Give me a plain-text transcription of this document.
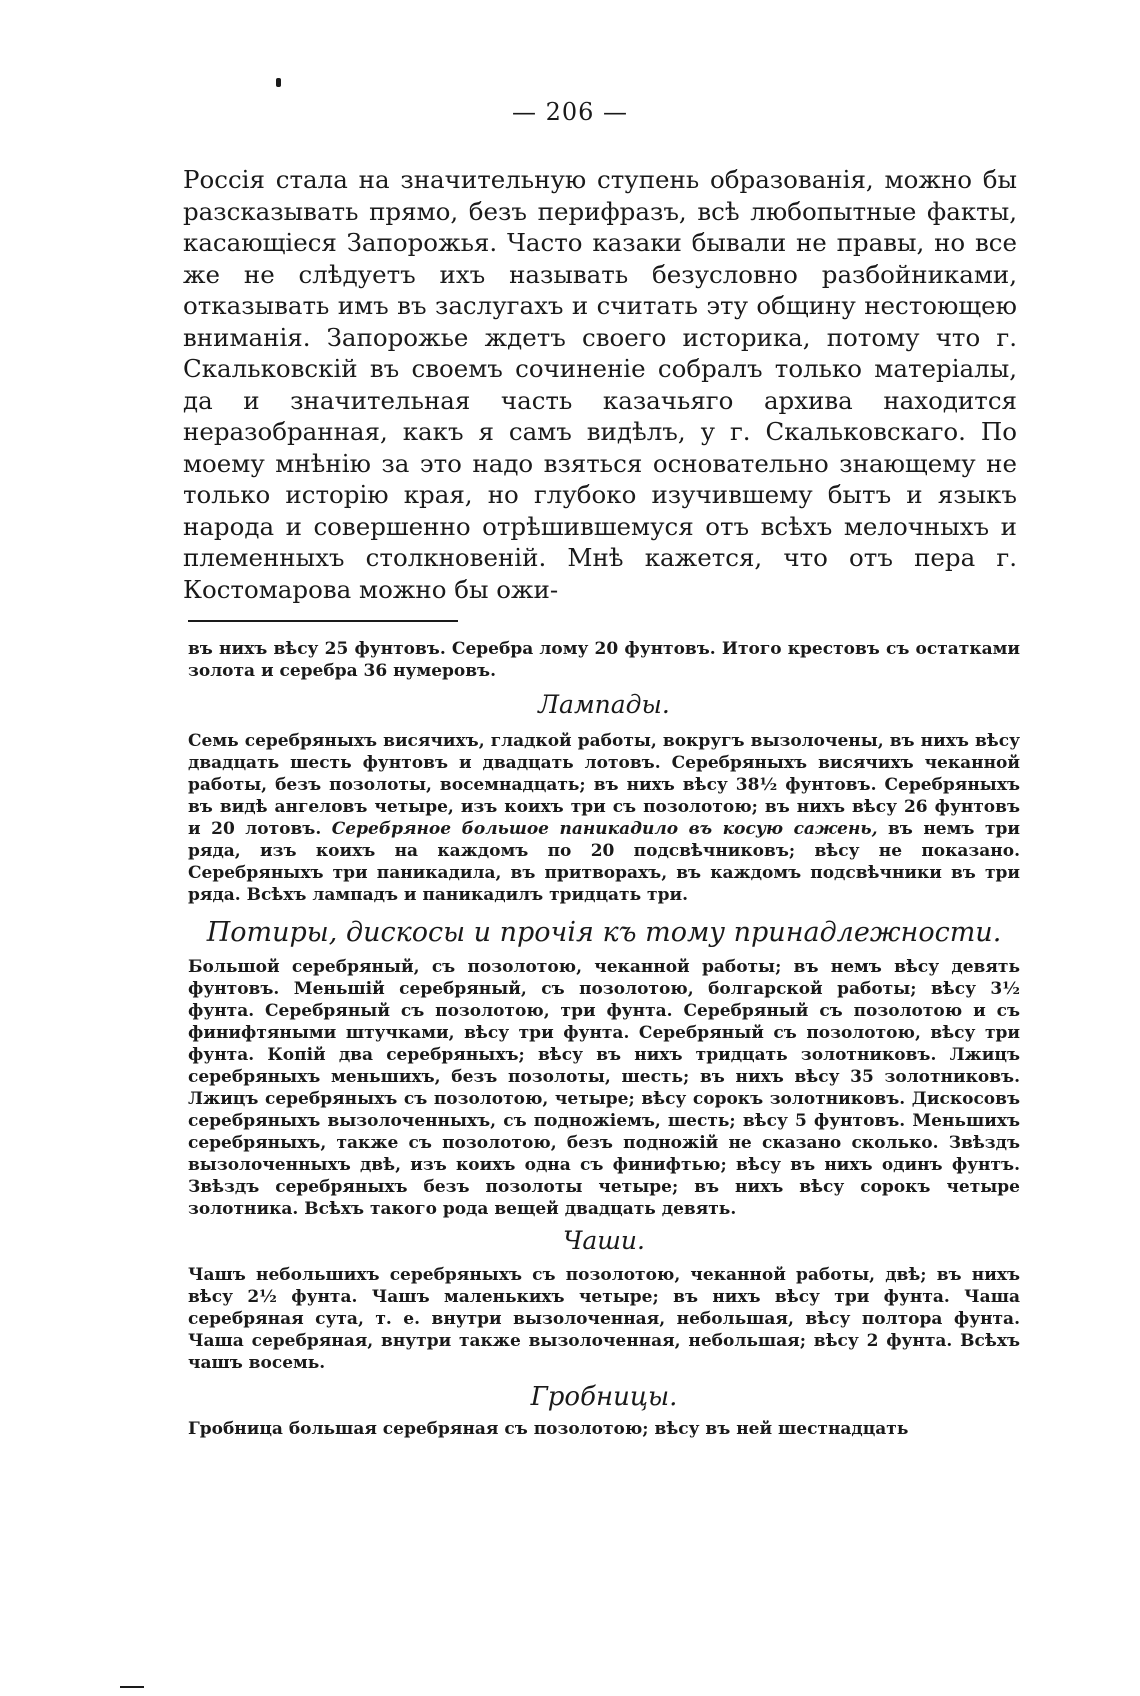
— 206 —

Россія стала на значительную ступень образованія, можно бы разсказывать прямо, безъ перифразъ, всѣ любопытные факты, касающіеся Запорожья. Часто казаки бывали не правы, но все же не слѣдуетъ ихъ называть безусловно разбойниками, отказывать имъ въ заслугахъ и считать эту общину нестоющею вниманія. Запорожье ждетъ своего историка, потому что г. Скальковскій въ своемъ сочиненіе собралъ только матеріалы, да и значительная часть казачьяго архива находится неразобранная, какъ я самъ видѣлъ, у г. Скальковскаго. По моему мнѣнію за это надо взяться основательно знающему не только исторію края, но глубоко изучившему бытъ и языкъ народа и совершенно отрѣшившемуся отъ всѣхъ мелочныхъ и племенныхъ столкновеній. Мнѣ кажется, что отъ пера г. Костомарова можно бы ожи-

въ нихъ вѣсу 25 фунтовъ. Серебра лому 20 фунтовъ. Итого крестовъ съ остатками золота и серебра 36 нумеровъ.

Лампады.

Семь серебряныхъ висячихъ, гладкой работы, вокругъ вызолочены, въ нихъ вѣсу двадцать шесть фунтовъ и двадцать лотовъ. Серебряныхъ висячихъ чеканной работы, безъ позолоты, восемнадцать; въ нихъ вѣсу 38½ фунтовъ. Серебряныхъ въ видѣ ангеловъ четыре, изъ коихъ три съ позолотою; въ нихъ вѣсу 26 фунтовъ и 20 лотовъ. Серебряное большое паникадило въ косую сажень, въ немъ три ряда, изъ коихъ на каждомъ по 20 подсвѣчниковъ; вѣсу не показано. Серебряныхъ три паникадила, въ притворахъ, въ каждомъ подсвѣчники въ три ряда. Всѣхъ лампадъ и паникадилъ тридцать три.

Потиры, дискосы и прочія къ тому принадлежности.

Большой серебряный, съ позолотою, чеканной работы; въ немъ вѣсу девять фунтовъ. Меньшій серебряный, съ позолотою, болгарской работы; вѣсу 3½ фунта. Серебряный съ позолотою, три фунта. Серебряный съ позолотою и съ финифтяными штучками, вѣсу три фунта. Серебряный съ позолотою, вѣсу три фунта. Копій два серебряныхъ; вѣсу въ нихъ тридцать золотниковъ. Лжицъ серебряныхъ меньшихъ, безъ позолоты, шесть; въ нихъ вѣсу 35 золотниковъ. Лжицъ серебряныхъ съ позолотою, четыре; вѣсу сорокъ золотниковъ. Дискосовъ серебряныхъ вызолоченныхъ, съ подножіемъ, шесть; вѣсу 5 фунтовъ. Меньшихъ серебряныхъ, также съ позолотою, безъ подножій не сказано сколько. Звѣздъ вызолоченныхъ двѣ, изъ коихъ одна съ финифтью; вѣсу въ нихъ одинъ фунтъ. Звѣздъ серебряныхъ безъ позолоты четыре; въ нихъ вѣсу сорокъ четыре золотника. Всѣхъ такого рода вещей двадцать девять.

Чаши.

Чашъ небольшихъ серебряныхъ съ позолотою, чеканной работы, двѣ; въ нихъ вѣсу 2½ фунта. Чашъ маленькихъ четыре; въ нихъ вѣсу три фунта. Чаша серебряная сута, т. е. внутри вызолоченная, небольшая, вѣсу полтора фунта. Чаша серебряная, внутри также вызолоченная, небольшая; вѣсу 2 фунта. Всѣхъ чашъ восемь.

Гробницы.

Гробница большая серебряная съ позолотою; вѣсу въ ней шестнадцать
